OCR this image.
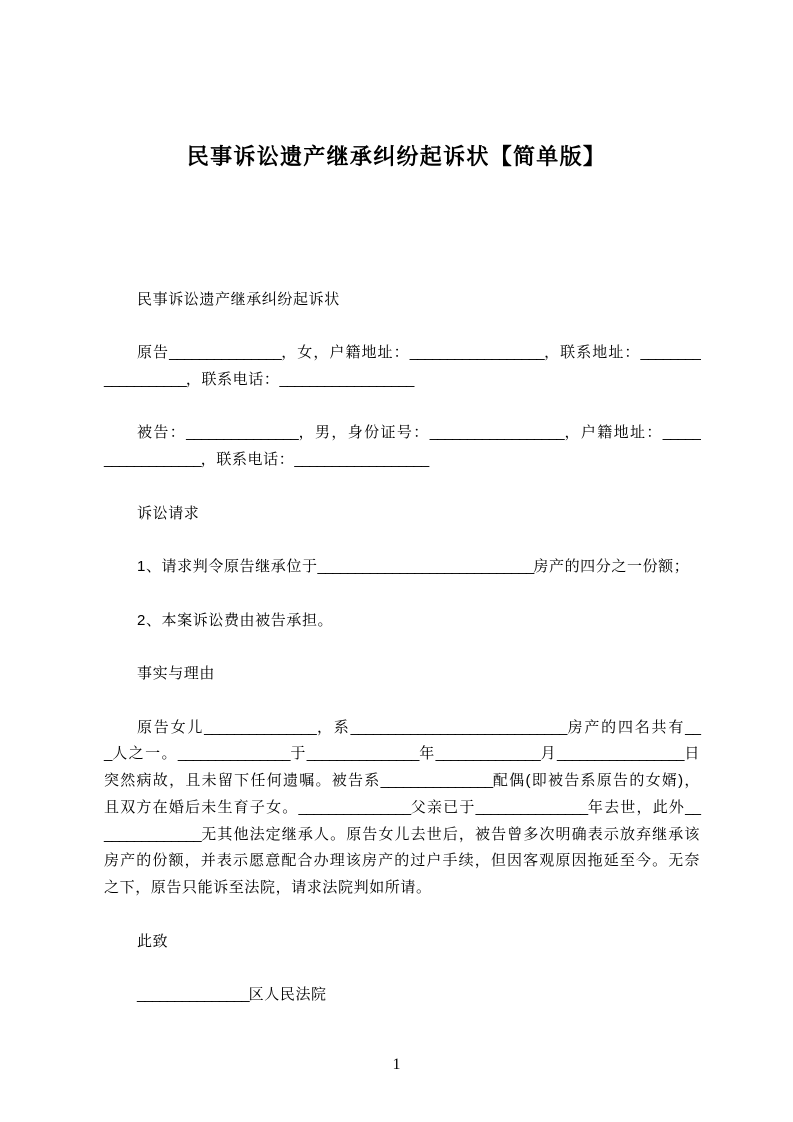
民事诉讼遗产继承纠纷起诉状【简单版】
民事诉讼遗产继承纠纷起诉状
原告_______________，女，户籍地址：__________________，联系地址：________
___________，联系电话：__________________
被告：_______________，男，身份证号：__________________，户籍地址：_____
_____________，联系电话：__________________
诉讼请求
1、请求判令原告继承位于_____________________________房产的四分之一份额；
2、本案诉讼费由被告承担。
事实与理由
原告女儿_______________，系_____________________________房产的四名共有__
_人之一。_______________于_______________年______________月_________________日
突然病故，且未留下任何遗嘱。被告系_______________配偶(即被告系原告的女婿)，
且双方在婚后未生育子女。_______________父亲已于_______________年去世，此外__
_____________无其他法定继承人。原告女儿去世后，被告曾多次明确表示放弃继承该
房产的份额，并表示愿意配合办理该房产的过户手续，但因客观原因拖延至今。无奈
之下，原告只能诉至法院，请求法院判如所请。
此致
_______________区人民法院
1
